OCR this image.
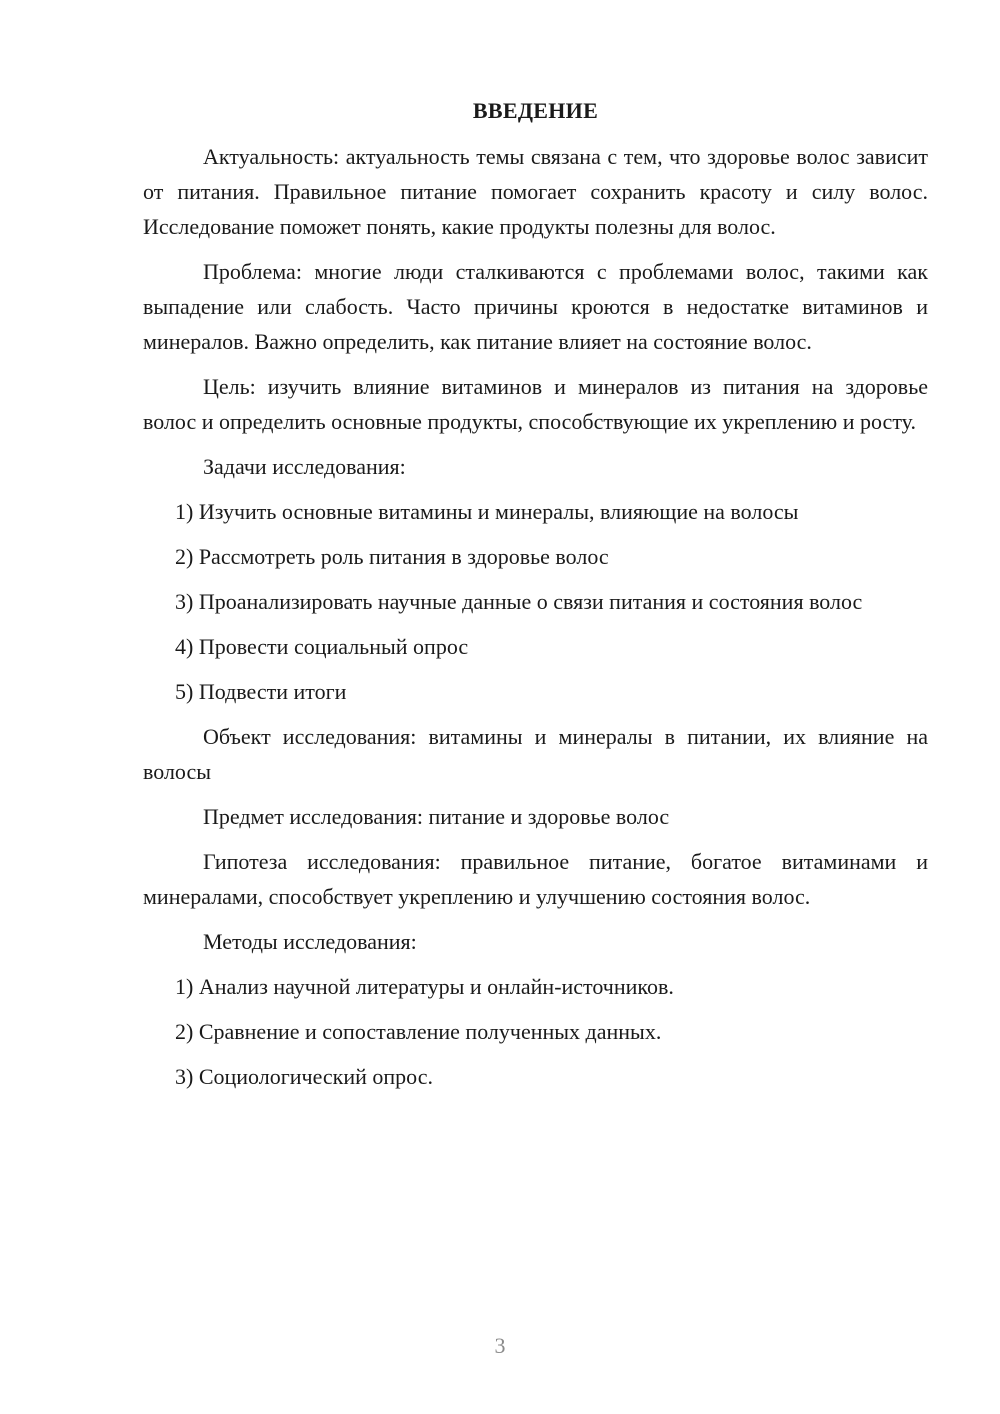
ВВЕДЕНИЕ

Актуальность: актуальность темы связана с тем, что здоровье волос зависит от питания. Правильное питание помогает сохранить красоту и силу волос. Исследование поможет понять, какие продукты полезны для волос.

Проблема: многие люди сталкиваются с проблемами волос, такими как выпадение или слабость. Часто причины кроются в недостатке витаминов и минералов. Важно определить, как питание влияет на состояние волос.

Цель: изучить влияние витаминов и минералов из питания на здоровье волос и определить основные продукты, способствующие их укреплению и росту.

Задачи исследования:

1) Изучить основные витамины и минералы, влияющие на волосы

2) Рассмотреть роль питания в здоровье волос

3) Проанализировать научные данные о связи питания и состояния волос

4) Провести социальный опрос

5) Подвести итоги

Объект исследования: витамины и минералы в питании, их влияние на волосы

Предмет исследования: питание и здоровье волос

Гипотеза исследования: правильное питание, богатое витаминами и минералами, способствует укреплению и улучшению состояния волос.

Методы исследования:

1) Анализ научной литературы и онлайн-источников.

2) Сравнение и сопоставление полученных данных.

3) Социологический опрос.

3
